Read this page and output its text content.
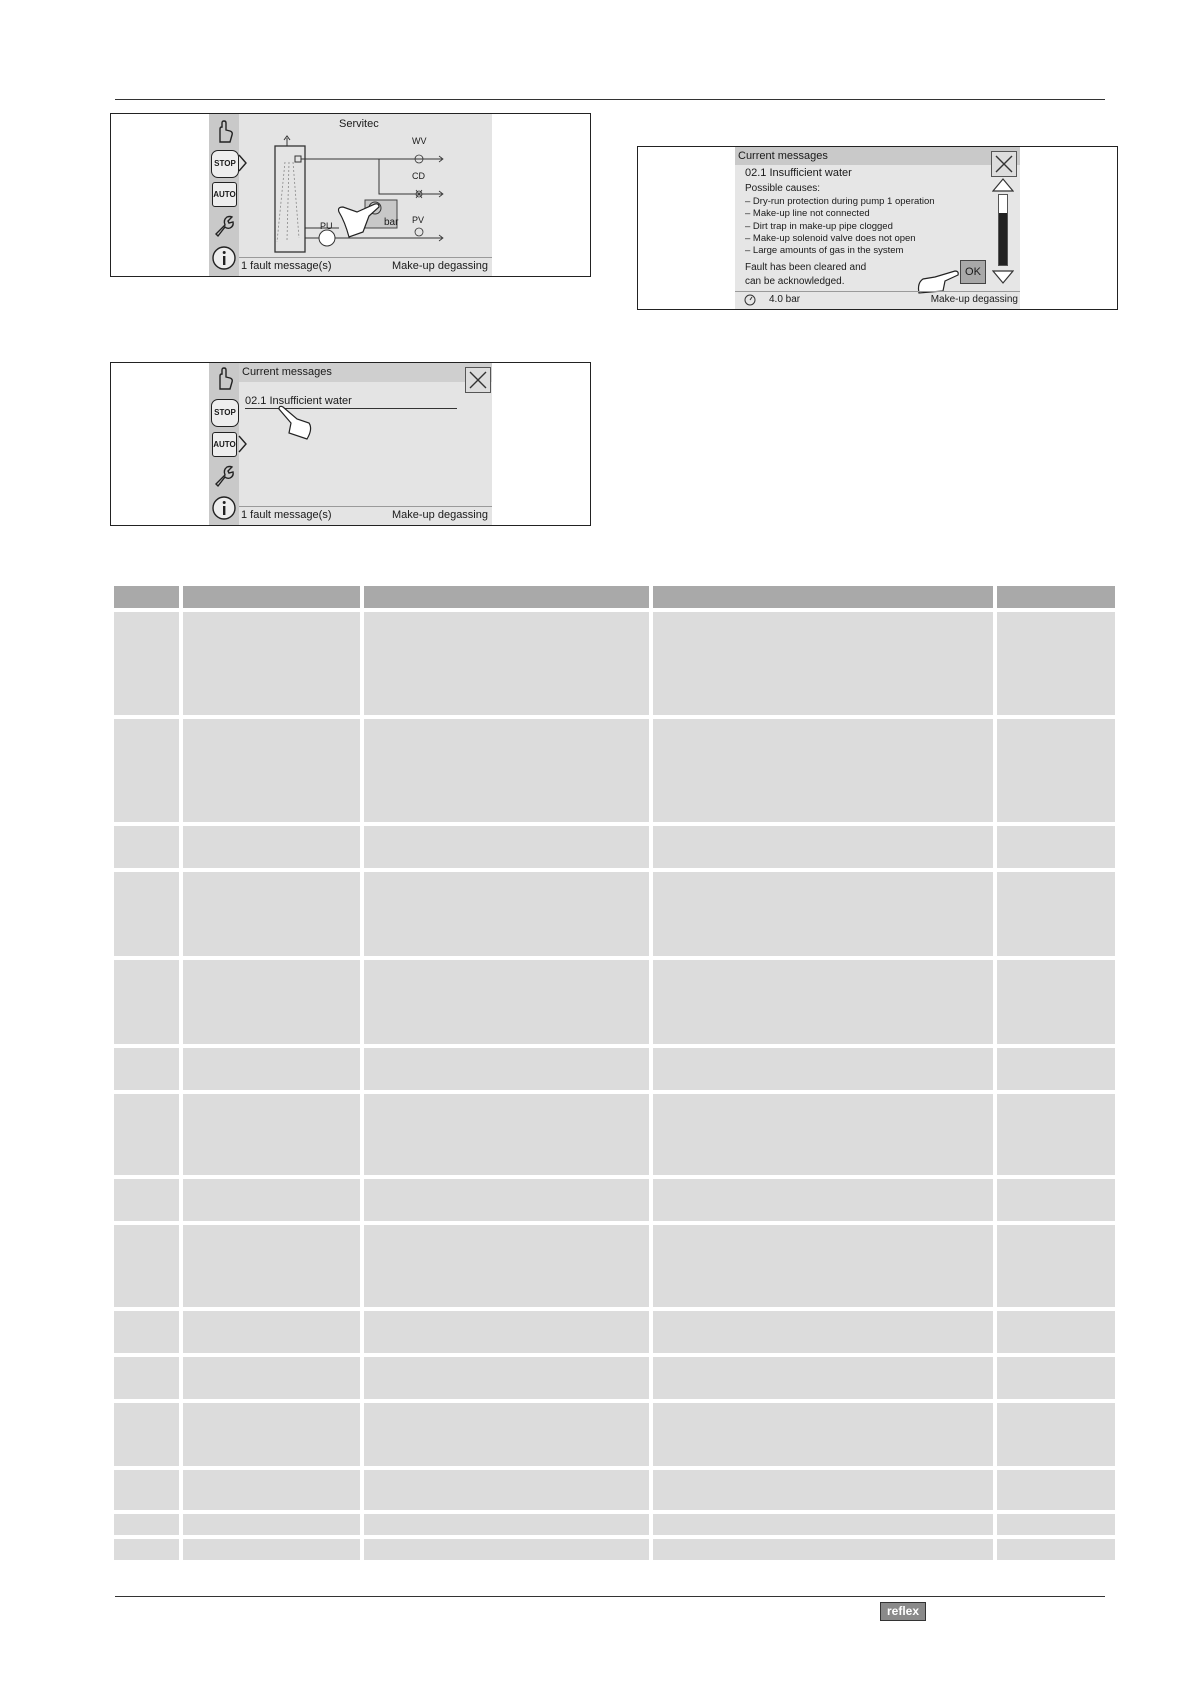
STOP
AUTO
Servitec
WV
CD
PV
PU	bar
1 fault message(s)	Make-up degassing
Current messages
02.1 Insufficient water
Possible causes:
– Dry-run protection during pump 1 operation
– Make-up line not connected
– Dirt trap in make-up pipe clogged
– Make-up solenoid valve does not open
– Large amounts of gas in the system
Fault has been cleared and
can be acknowledged.
OK
4.0 bar	Make-up degassing
STOP
AUTO
Current messages
02.1 Insufficient water
1 fault message(s)	Make-up degassing

reflex
